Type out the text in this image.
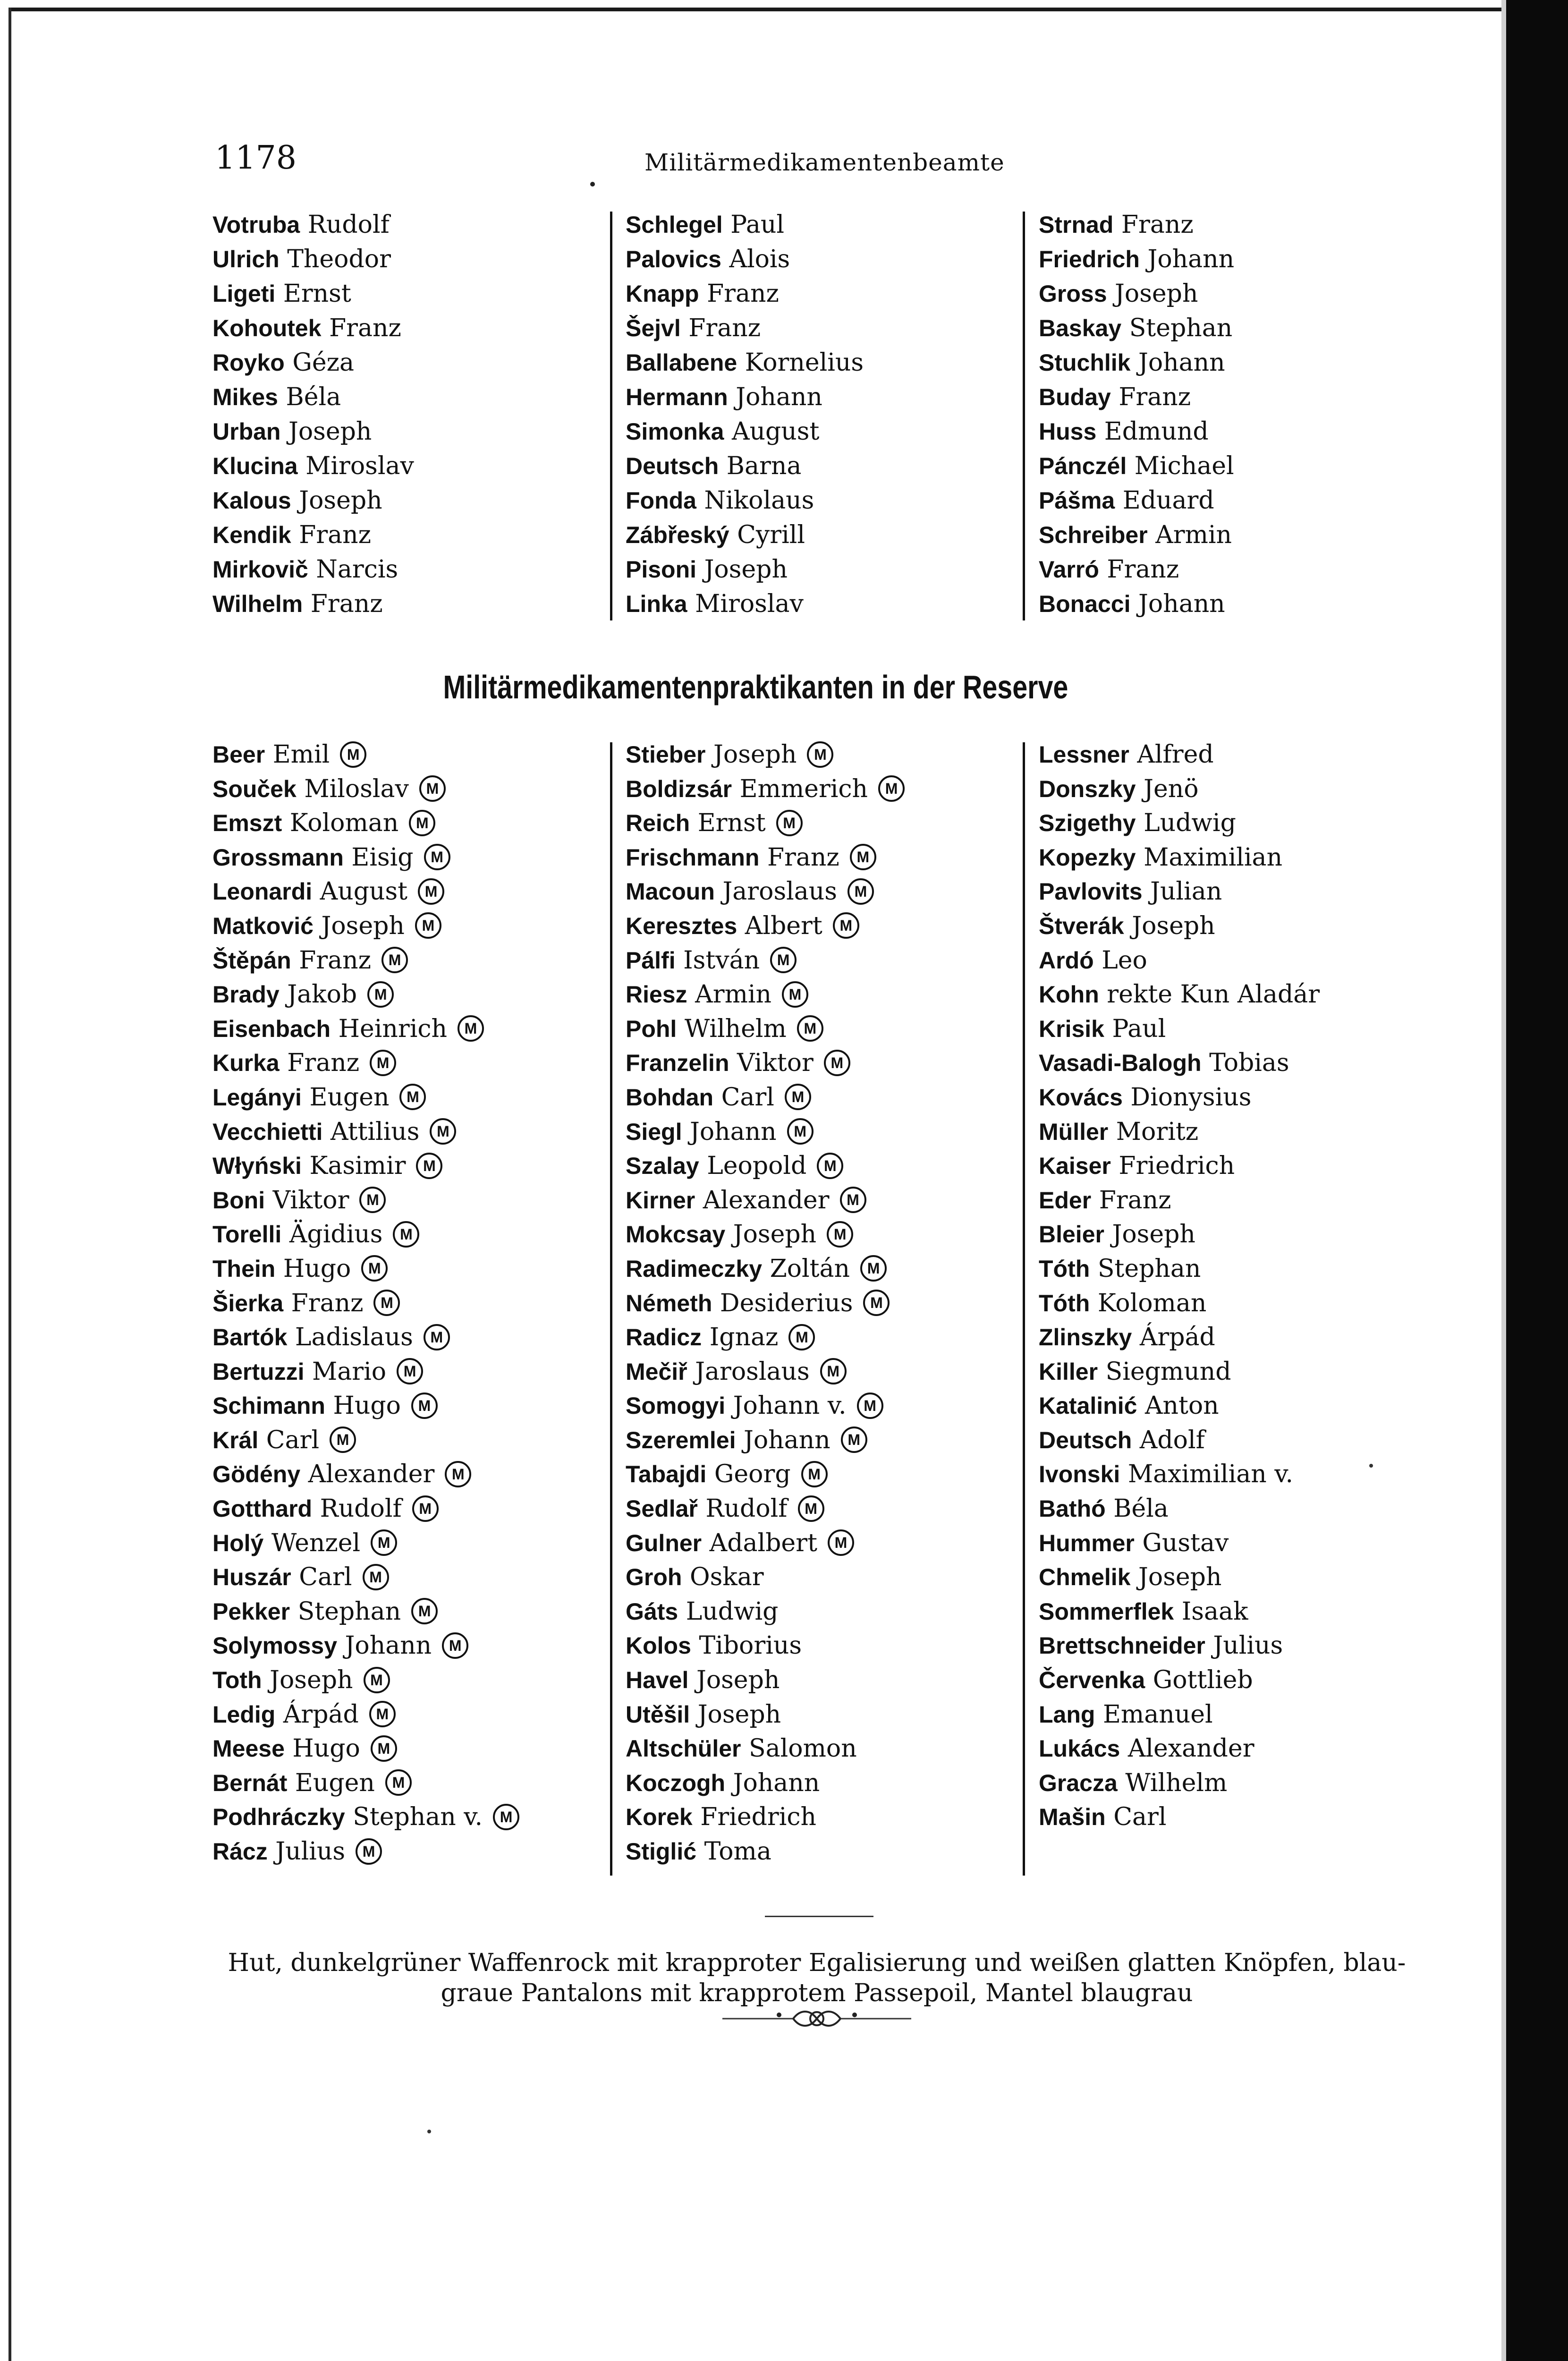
1178	Militärmedikamentenbeamte
Votruba Rudolf
Ulrich Theodor
Ligeti Ernst
Kohoutek Franz
Royko Géza
Mikes Béla
Urban Joseph
Klucina Miroslav
Kalous Joseph
Kendik Franz
Mirkovič Narcis
Wilhelm Franz
Schlegel Paul
Palovics Alois
Knapp Franz
Šejvl Franz
Ballabene Kornelius
Hermann Johann
Simonka August
Deutsch Barna
Fonda Nikolaus
Zábřeský Cyrill
Pisoni Joseph
Linka Miroslav
Strnad Franz
Friedrich Johann
Gross Joseph
Baskay Stephan
Stuchlik Johann
Buday Franz
Huss Edmund
Pánczél Michael
Pášma Eduard
Schreiber Armin
Varró Franz
Bonacci Johann
Militärmedikamentenpraktikanten in der Reserve
Beer Emil M
Souček Miloslav M
Emszt Koloman M
Grossmann Eisig M
Leonardi August M
Matković Joseph M
Štěpán Franz M
Brady Jakob M
Eisenbach Heinrich M
Kurka Franz M
Legányi Eugen M
Vecchietti Attilius M
Włyński Kasimir M
Boni Viktor M
Torelli Ägidius M
Thein Hugo M
Šierka Franz M
Bartók Ladislaus M
Bertuzzi Mario M
Schimann Hugo M
Král Carl M
Gödény Alexander M
Gotthard Rudolf M
Holý Wenzel M
Huszár Carl M
Pekker Stephan M
Solymossy Johann M
Toth Joseph M
Ledig Árpád M
Meese Hugo M
Bernát Eugen M
Podhráczky Stephan v. M
Rácz Julius M
Stieber Joseph M
Boldizsár Emmerich M
Reich Ernst M
Frischmann Franz M
Macoun Jaroslaus M
Keresztes Albert M
Pálfi István M
Riesz Armin M
Pohl Wilhelm M
Franzelin Viktor M
Bohdan Carl M
Siegl Johann M
Szalay Leopold M
Kirner Alexander M
Mokcsay Joseph M
Radimeczky Zoltán M
Németh Desiderius M
Radicz Ignaz M
Mečiř Jaroslaus M
Somogyi Johann v. M
Szeremlei Johann M
Tabajdi Georg M
Sedlař Rudolf M
Gulner Adalbert M
Groh Oskar
Gáts Ludwig
Kolos Tiborius
Havel Joseph
Utěšil Joseph
Altschüler Salomon
Koczogh Johann
Korek Friedrich
Stiglić Toma
Lessner Alfred
Donszky Jenö
Szigethy Ludwig
Kopezky Maximilian
Pavlovits Julian
Štverák Joseph
Ardó Leo
Kohn rekte Kun Aladár
Krisik Paul
Vasadi-Balogh Tobias
Kovács Dionysius
Müller Moritz
Kaiser Friedrich
Eder Franz
Bleier Joseph
Tóth Stephan
Tóth Koloman
Zlinszky Árpád
Killer Siegmund
Katalinić Anton
Deutsch Adolf
Ivonski Maximilian v.
Bathó Béla
Hummer Gustav
Chmelik Joseph
Sommerflek Isaak
Brettschneider Julius
Červenka Gottlieb
Lang Emanuel
Lukács Alexander
Gracza Wilhelm
Mašin Carl
Hut, dunkelgrüner Waffenrock mit krapproter Egalisierung und weißen glatten Knöpfen, blau-
graue Pantalons mit krapprotem Passepoil, Mantel blaugrau
